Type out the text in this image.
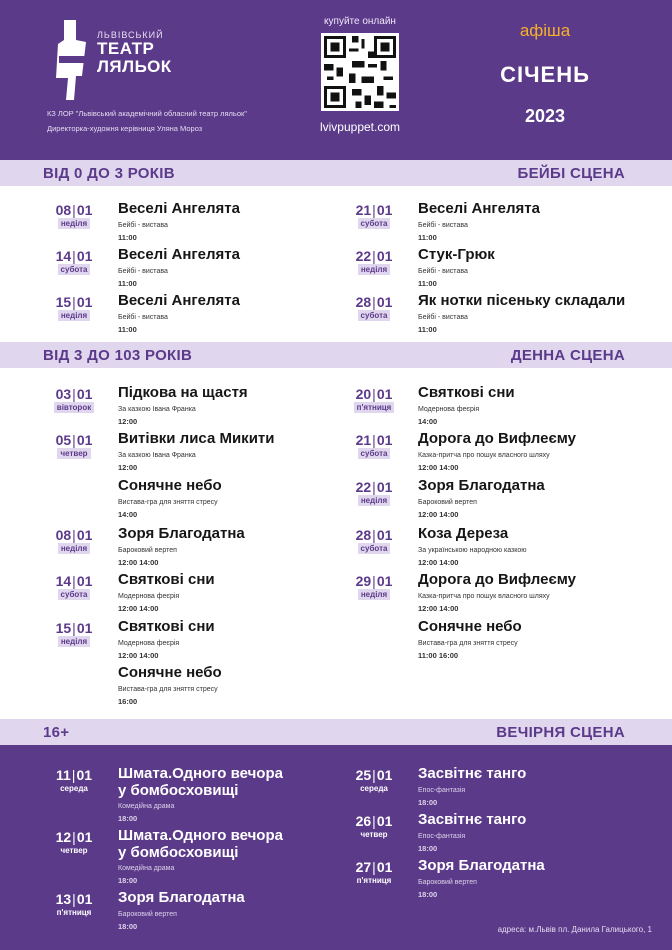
ЛЬВІВСЬКИЙ
ТЕАТР
ЛЯЛЬОК
КЗ ЛОР "Львівський академічний обласний театр ляльок"
Директорка-художня керівниця Уляна Мороз
купуйте онлайн
lvivpuppet.com
афіша
СІЧЕНЬ
2023
ВІД 0 ДО 3 РОКІВ	БЕЙБІ СЦЕНА
08|01
неділя
Веселі Ангелята
Бейбі - вистава
11:00
14|01
субота
Веселі Ангелята
Бейбі - вистава
11:00
15|01
неділя
Веселі Ангелята
Бейбі - вистава
11:00
21|01
субота
Веселі Ангелята
Бейбі - вистава
11:00
22|01
неділя
Стук-Грюк
Бейбі - вистава
11:00
28|01
субота
Як нотки пісеньку складали
Бейбі - вистава
11:00
ВІД 3 ДО 103 РОКІВ	ДЕННА СЦЕНА
03|01
вівторок
Підкова на щастя
За казкою Івана Франка
12:00
05|01
четвер
Витівки лиса Микити
За казкою Івана Франка
12:00
Сонячне небо
Вистава-гра для зняття стресу
14:00
08|01
неділя
Зоря Благодатна
Бароковий вертеп
12:00 14:00
14|01
субота
Святкові сни
Модернова феєрія
12:00 14:00
15|01
неділя
Святкові сни
Модернова феєрія
12:00 14:00
Сонячне небо
Вистава-гра для зняття стресу
16:00
20|01
п'ятниця
Святкові сни
Модернова феєрія
14:00
21|01
субота
Дорога до Вифлеєму
Казка-притча про пошук власного шляху
12:00 14:00
22|01
неділя
Зоря Благодатна
Бароковий вертеп
12:00 14:00
28|01
субота
Коза Дереза
За українською народною казкою
12:00 14:00
29|01
неділя
Дорога до Вифлеєму
Казка-притча про пошук власного шляху
12:00 14:00
Сонячне небо
Вистава-гра для зняття стресу
11:00 16:00
16+	ВЕЧІРНЯ СЦЕНА
11|01
середа
Шмата.Одного вечора
у бомбосховищі
Комедійна драма
18:00
12|01
четвер
Шмата.Одного вечора
у бомбосховищі
Комедійна драма
18:00
13|01
п'ятниця
Зоря Благодатна
Бароковий вертеп
18:00
25|01
середа
Засвітнє танго
Епос-фантазія
18:00
26|01
четвер
Засвітнє танго
Епос-фантазія
18:00
27|01
п'ятниця
Зоря Благодатна
Бароковий вертеп
18:00
адреса: м.Львів пл. Данила Галицького, 1
